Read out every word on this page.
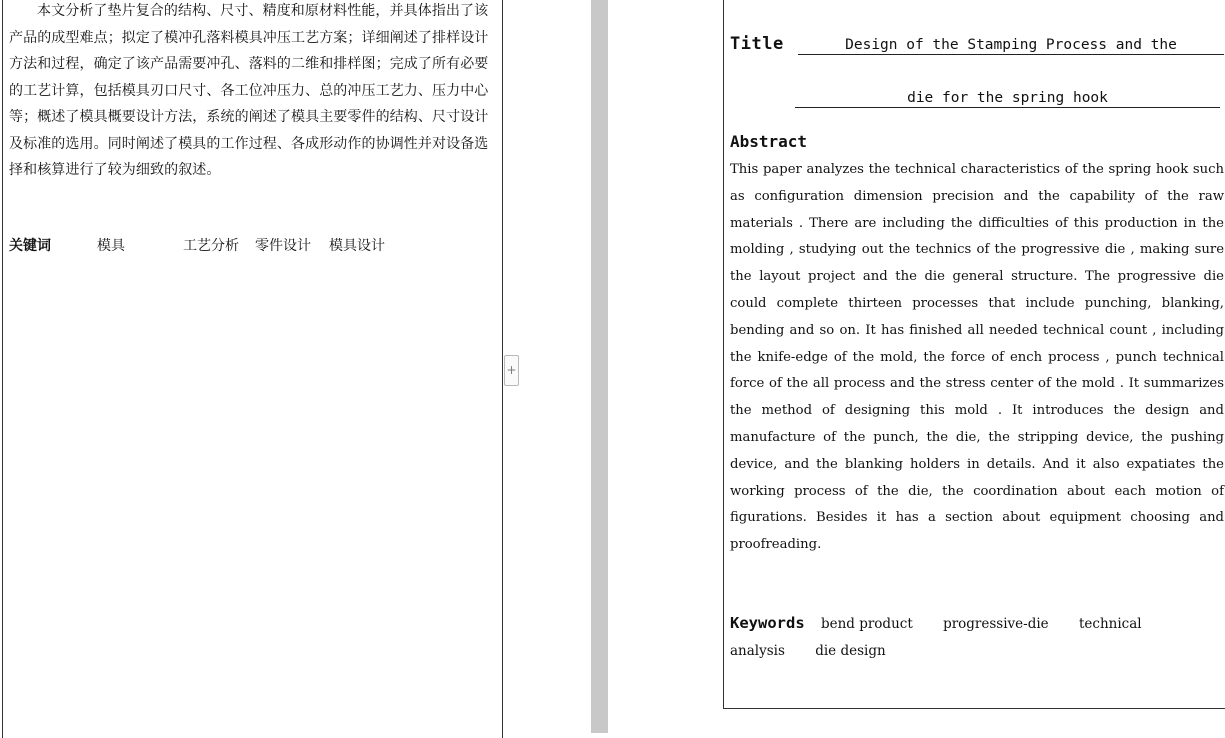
本文分析了垫片复合的结构、尺寸、精度和原材料性能，并具体指出了该产品的成型难点；拟定了模冲孔落料模具冲压工艺方案；详细阐述了排样设计方法和过程，确定了该产品需要冲孔、落料的二维和排样图；完成了所有必要的工艺计算，包括模具刃口尺寸、各工位冲压力、总的冲压工艺力、压力中心等；概述了模具概要设计方法，系统的阐述了模具主要零件的结构、尺寸设计及标准的选用。同时阐述了模具的工作过程、各成形动作的协调性并对设备选择和核算进行了较为细致的叙述。

关键词	模具	工艺分析 零件设计 模具设计
+
Title	Design of the Stamping Process and the
die for the spring hook
Abstract

This paper analyzes the technical characteristics of the spring hook such as configuration dimension precision and the capability of the raw materials . There are including the difficulties of this production in the molding , studying out the technics of the progressive die , making sure the layout project and the die general structure. The progressive die could complete thirteen processes that include punching, blanking, bending and so on. It has finished all needed technical count , including the knife-edge of the mold, the force of ench process , punch technical force of the all process and the stress center of the mold . It summarizes the method of designing this mold . It introduces the design and manufacture of the punch, the die, the stripping device, the pushing device, and the blanking holders in details. And it also expatiates the working process of the die, the coordination about each motion of figurations. Besides it has a section about equipment choosing and proofreading.

Keywords bend product progressive-die technical analysis die design
